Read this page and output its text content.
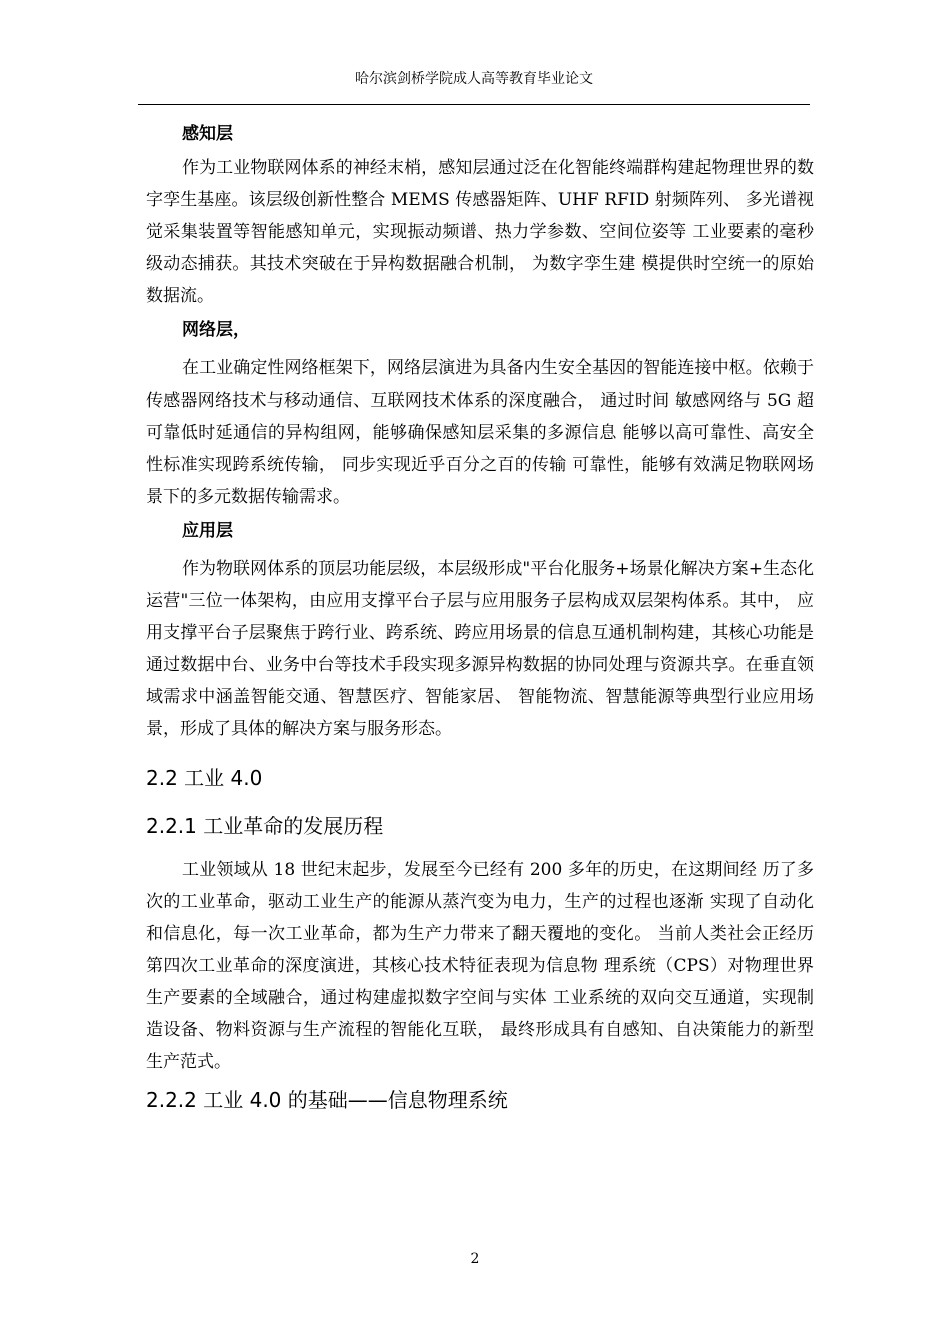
哈尔滨剑桥学院成人高等教育毕业论文

感知层

作为工业物联网体系的神经末梢，感知层通过泛在化智能终端群构建起物理世界的数字孪生基座。该层级创新性整合 MEMS 传感器矩阵、UHF RFID 射频阵列、 多光谱视觉采集装置等智能感知单元，实现振动频谱、热力学参数、空间位姿等 工业要素的毫秒级动态捕获。其技术突破在于异构数据融合机制， 为数字孪生建 模提供时空统一的原始数据流。

网络层，

在工业确定性网络框架下，网络层演进为具备内生安全基因的智能连接中枢。依赖于传感器网络技术与移动通信、互联网技术体系的深度融合， 通过时间 敏感网络与 5G 超可靠低时延通信的异构组网，能够确保感知层采集的多源信息 能够以高可靠性、高安全性标准实现跨系统传输， 同步实现近乎百分之百的传输 可靠性，能够有效满足物联网场景下的多元数据传输需求。

应用层

作为物联网体系的顶层功能层级，本层级形成"平台化服务+场景化解决方案+生态化运营"三位一体架构，由应用支撑平台子层与应用服务子层构成双层架构体系。其中， 应用支撑平台子层聚焦于跨行业、跨系统、跨应用场景的信息互通机制构建，其核心功能是通过数据中台、业务中台等技术手段实现多源异构数据的协同处理与资源共享。在垂直领域需求中涵盖智能交通、智慧医疗、智能家居、 智能物流、智慧能源等典型行业应用场景，形成了具体的解决方案与服务形态。

2.2 工业 4.0
2.2.1 工业革命的发展历程

工业领域从 18 世纪末起步，发展至今已经有 200 多年的历史，在这期间经 历了多次的工业革命，驱动工业生产的能源从蒸汽变为电力，生产的过程也逐渐 实现了自动化和信息化，每一次工业革命，都为生产力带来了翻天覆地的变化。 当前人类社会正经历第四次工业革命的深度演进，其核心技术特征表现为信息物 理系统（CPS）对物理世界生产要素的全域融合，通过构建虚拟数字空间与实体 工业系统的双向交互通道，实现制造设备、物料资源与生产流程的智能化互联， 最终形成具有自感知、自决策能力的新型生产范式。

2.2.2 工业 4.0 的基础——信息物理系统
2
